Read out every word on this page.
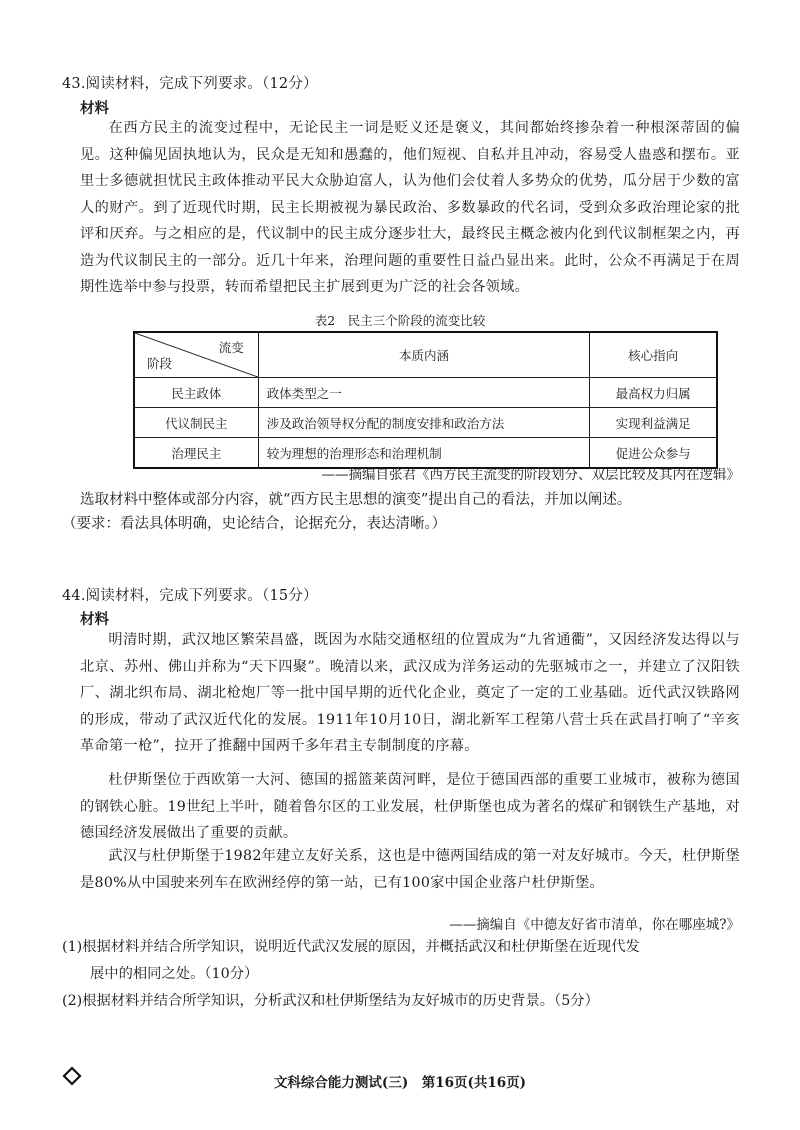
43.阅读材料，完成下列要求。（12分）
材料

在西方民主的流变过程中，无论民主一词是贬义还是褒义，其间都始终掺杂着一种根深蒂固的偏见。这种偏见固执地认为，民众是无知和愚蠢的，他们短视、自私并且冲动，容易受人蛊惑和摆布。亚里士多德就担忧民主政体推动平民大众胁迫富人，认为他们会仗着人多势众的优势，瓜分居于少数的富人的财产。到了近现代时期，民主长期被视为暴民政治、多数暴政的代名词，受到众多政治理论家的批评和厌弃。与之相应的是，代议制中的民主成分逐步壮大，最终民主概念被内化到代议制框架之内，再造为代议制民主的一部分。近几十年来，治理问题的重要性日益凸显出来。此时，公众不再满足于在周期性选举中参与投票，转而希望把民主扩展到更为广泛的社会各领域。

表2　民主三个阶段的流变比较
流变
阶段	本质内涵	核心指向
民主政体	政体类型之一	最高权力归属
代议制民主	涉及政治领导权分配的制度安排和政治方法	实现利益满足
治理民主	较为理想的治理形态和治理机制	促进公众参与
——摘编自张君《西方民主流变的阶段划分、双层比较及其内在逻辑》

选取材料中整体或部分内容，就“西方民主思想的演变”提出自己的看法，并加以阐述。

（要求：看法具体明确，史论结合，论据充分，表达清晰。）

44.阅读材料，完成下列要求。（15分）
材料

明清时期，武汉地区繁荣昌盛，既因为水陆交通枢纽的位置成为“九省通衢”，又因经济发达得以与北京、苏州、佛山并称为“天下四聚”。晚清以来，武汉成为洋务运动的先驱城市之一，并建立了汉阳铁厂、湖北织布局、湖北枪炮厂等一批中国早期的近代化企业，奠定了一定的工业基础。近代武汉铁路网的形成，带动了武汉近代化的发展。1911年10月10日，湖北新军工程第八营士兵在武昌打响了“辛亥革命第一枪”，拉开了推翻中国两千多年君主专制制度的序幕。

杜伊斯堡位于西欧第一大河、德国的摇篮莱茵河畔，是位于德国西部的重要工业城市，被称为德国的钢铁心脏。19世纪上半叶，随着鲁尔区的工业发展，杜伊斯堡也成为著名的煤矿和钢铁生产基地，对德国经济发展做出了重要的贡献。

武汉与杜伊斯堡于1982年建立友好关系，这也是中德两国结成的第一对友好城市。今天，杜伊斯堡是80%从中国驶来列车在欧洲经停的第一站，已有100家中国企业落户杜伊斯堡。

——摘编自《中德友好省市清单，你在哪座城?》

(1)根据材料并结合所学知识，说明近代武汉发展的原因，并概括武汉和杜伊斯堡在近现代发
展中的相同之处。（10分）

(2)根据材料并结合所学知识，分析武汉和杜伊斯堡结为友好城市的历史背景。（5分）

文科综合能力测试(三)　第16页(共16页)
